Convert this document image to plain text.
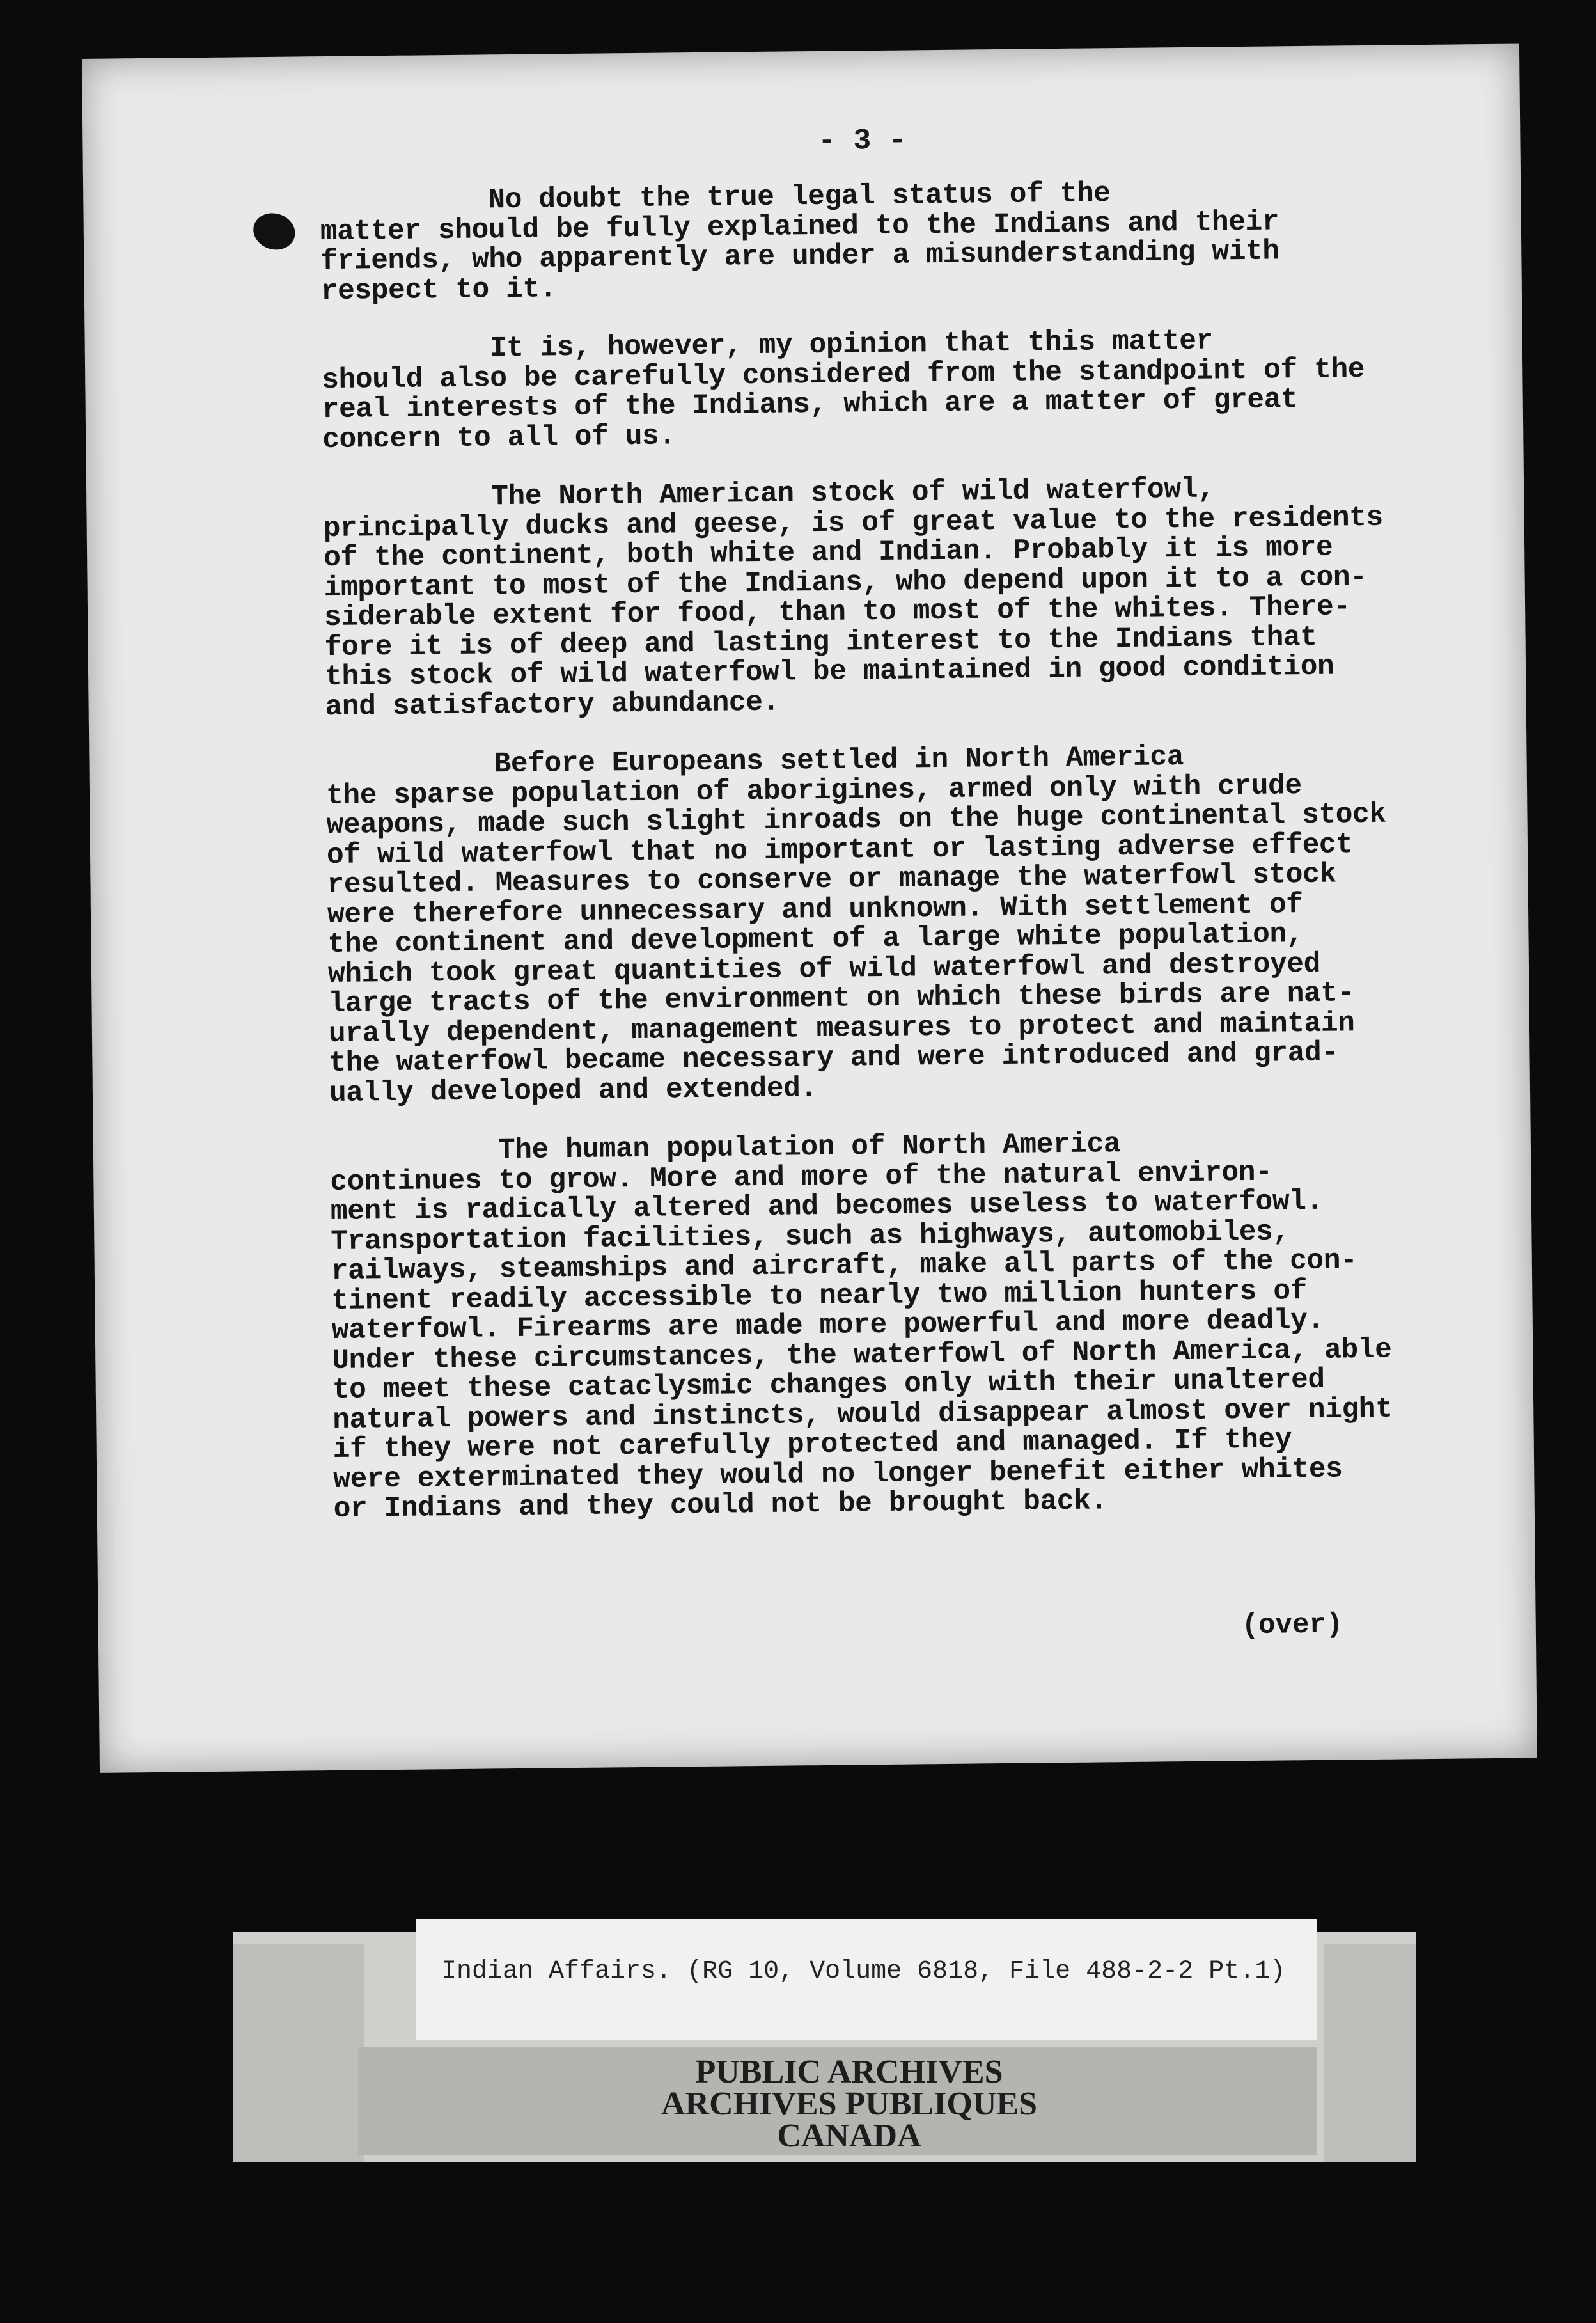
- 3 -

No doubt the true legal status of the
matter should be fully explained to the Indians and their
friends, who apparently are under a misunderstanding with
respect to it.

It is, however, my opinion that this matter
should also be carefully considered from the standpoint of the
real interests of the Indians, which are a matter of great
concern to all of us.

The North American stock of wild waterfowl,
principally ducks and geese, is of great value to the residents
of the continent, both white and Indian. Probably it is more
important to most of the Indians, who depend upon it to a con-
siderable extent for food, than to most of the whites. There-
fore it is of deep and lasting interest to the Indians that
this stock of wild waterfowl be maintained in good condition
and satisfactory abundance.

Before Europeans settled in North America
the sparse population of aborigines, armed only with crude
weapons, made such slight inroads on the huge continental stock
of wild waterfowl that no important or lasting adverse effect
resulted. Measures to conserve or manage the waterfowl stock
were therefore unnecessary and unknown. With settlement of
the continent and development of a large white population,
which took great quantities of wild waterfowl and destroyed
large tracts of the environment on which these birds are nat-
urally dependent, management measures to protect and maintain
the waterfowl became necessary and were introduced and grad-
ually developed and extended.

The human population of North America
continues to grow. More and more of the natural environ-
ment is radically altered and becomes useless to waterfowl.
Transportation facilities, such as highways, automobiles,
railways, steamships and aircraft, make all parts of the con-
tinent readily accessible to nearly two million hunters of
waterfowl. Firearms are made more powerful and more deadly.
Under these circumstances, the waterfowl of North America, able
to meet these cataclysmic changes only with their unaltered
natural powers and instincts, would disappear almost over night
if they were not carefully protected and managed. If they
were exterminated they would no longer benefit either whites
or Indians and they could not be brought back.

(over)
Indian Affairs. (RG 10, Volume 6818, File 488-2-2 Pt.1)
PUBLIC ARCHIVES
ARCHIVES PUBLIQUES
CANADA
